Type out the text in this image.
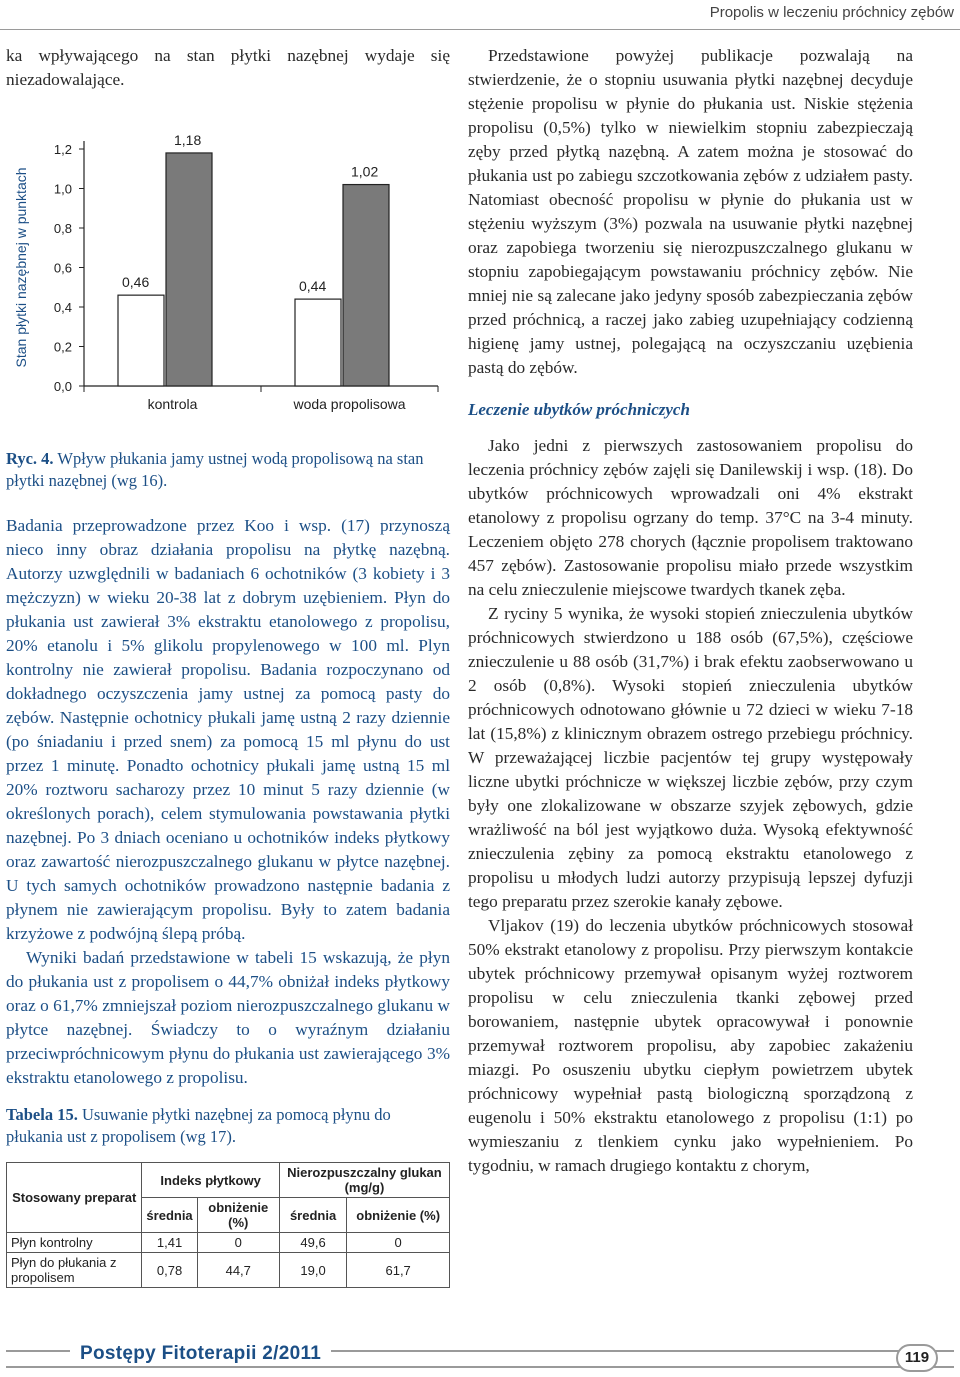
Propolis w leczeniu próchnicy zębów

ka wpływającego na stan płytki nazębnej wydaje się niezadowalające.

Stan płytki nazębnej w punktach
0,0
0,2
0,4
0,6
0,8
1,0
1,2
0,46
1,18
kontrola
0,44
1,02
woda propolisowa

Ryc. 4. Wpływ płukania jamy ustnej wodą propolisową na stan płytki nazębnej (wg 16).

Badania przeprowadzone przez Koo i wsp. (17) przynoszą nieco inny obraz działania propolisu na płytkę nazębną. Autorzy uzwględnili w badaniach 6 ochotników (3 kobiety i 3 mężczyzn) w wieku 20-38 lat z dobrym uzębieniem. Płyn do płukania ust zawierał 3% ekstraktu etanolowego z propolisu, 20% etanolu i 5% glikolu propylenowego w 100 ml. Plyn kontrolny nie zawierał propolisu. Badania rozpoczynano od dokładnego oczyszczenia jamy ustnej za pomocą pasty do zębów. Następnie ochotnicy płukali jamę ustną 2 razy dziennie (po śniadaniu i przed snem) za pomocą 15 ml płynu do ust przez 1 minutę. Ponadto ochotnicy płukali jamę ustną 15 ml 20% roztworu sacharozy przez 10 minut 5 razy dziennie (w określonych porach), celem stymulowania powstawania płytki nazębnej. Po 3 dniach oceniano u ochotników indeks płytkowy oraz zawartość nierozpuszczalnego glukanu w płytce nazębnej. U tych samych ochotników prowadzono następnie badania z płynem nie zawierającym propolisu. Były to zatem badania krzyżowe z podwójną ślepą próbą.

Wyniki badań przedstawione w tabeli 15 wskazują, że płyn do płukania ust z propolisem o 44,7% obniżał indeks płytkowy oraz o 61,7% zmniejszał poziom nierozpuszczalnego glukanu w płytce nazębnej. Świadczy to o wyraźnym działaniu przeciwpróchnicowym płynu do płukania ust zawierającego 3% ekstraktu etanolowego z propolisu.

Tabela 15. Usuwanie płytki nazębnej za pomocą płynu do płukania ust z propolisem (wg 17).

Stosowany preparat	Indeks płytkowy		Nierozpuszczalny glukan (mg/g)	
	średnia	obniżenie (%)	średnia	obniżenie (%)
Płyn kontrolny	1,41	0	49,6	0
Płyn do płukania z propolisem	0,78	44,7	19,0	61,7

Przedstawione powyżej publikacje pozwalają na stwierdzenie, że o stopniu usuwania płytki nazębnej decyduje stężenie propolisu w płynie do płukania ust. Niskie stężenia propolisu (0,5%) tylko w niewielkim stopniu zabezpieczają zęby przed płytką nazębną. A zatem można je stosować do płukania ust po zabiegu szczotkowania zębów z udziałem pasty. Natomiast obecność propolisu w płynie do płukania ust w stężeniu wyższym (3%) pozwala na usuwanie płytki nazębnej oraz zapobiega tworzeniu się nierozpuszczalnego glukanu w stopniu zapobiegającym powstawaniu próchnicy zębów. Nie mniej nie są zalecane jako jedyny sposób zabezpieczania zębów przed próchnicą, a raczej jako zabieg uzupełniający codzienną higienę jamy ustnej, polegającą na oczyszczaniu uzębienia pastą do zębów.

Leczenie ubytków próchniczych

Jako jedni z pierwszych zastosowaniem propolisu do leczenia próchnicy zębów zajęli się Danilewskij i wsp. (18). Do ubytków próchnicowych wprowadzali oni 4% ekstrakt etanolowy z propolisu ogrzany do temp. 37°C na 3-4 minuty. Leczeniem objęto 278 chorych (łącznie propolisem traktowano 457 zębów). Zastosowanie propolisu miało przede wszystkim na celu znieczulenie miejscowe twardych tkanek zęba.

Z ryciny 5 wynika, że wysoki stopień znieczulenia ubytków próchnicowych stwierdzono u 188 osób (67,5%), częściowe znieczulenie u 88 osób (31,7%) i brak efektu zaobserwowano u 2 osób (0,8%). Wysoki stopień znieczulenia ubytków próchnicowych odnotowano głównie u 72 dzieci w wieku 7-18 lat (15,8%) z klinicznym obrazem ostrego przebiegu próchnicy. W przeważającej liczbie pacjentów tej grupy występowały liczne ubytki próchnicze w większej liczbie zębów, przy czym były one zlokalizowane w obszarze szyjek zębowych, gdzie wrażliwość na ból jest wyjątkowo duża. Wysoką efektywność znieczulenia zębiny za pomocą ekstraktu etanolowego z propolisu u młodych ludzi autorzy przypisują lepszej dyfuzji tego preparatu przez szerokie kanały zębowe.

Vljakov (19) do leczenia ubytków próchnicowych stosował 50% ekstrakt etanolowy z propolisu. Przy pierwszym kontakcie ubytek próchnicowy przemywał opisanym wyżej roztworem propolisu w celu znieczulenia tkanki zębowej przed borowaniem, następnie ubytek opracowywał i ponownie przemywał roztworem propolisu, aby zapobiec zakażeniu miazgi. Po osuszeniu ubytku ciepłym powietrzem ubytek próchnicowy wypełniał pastą biologiczną sporządzoną z eugenolu i 50% ekstraktu etanolowego z propolisu (1:1) po wymieszaniu z tlenkiem cynku jako wypełnieniem. Po tygodniu, w ramach drugiego kontaktu z chorym,

Postępy Fitoterapii 2/2011	119
